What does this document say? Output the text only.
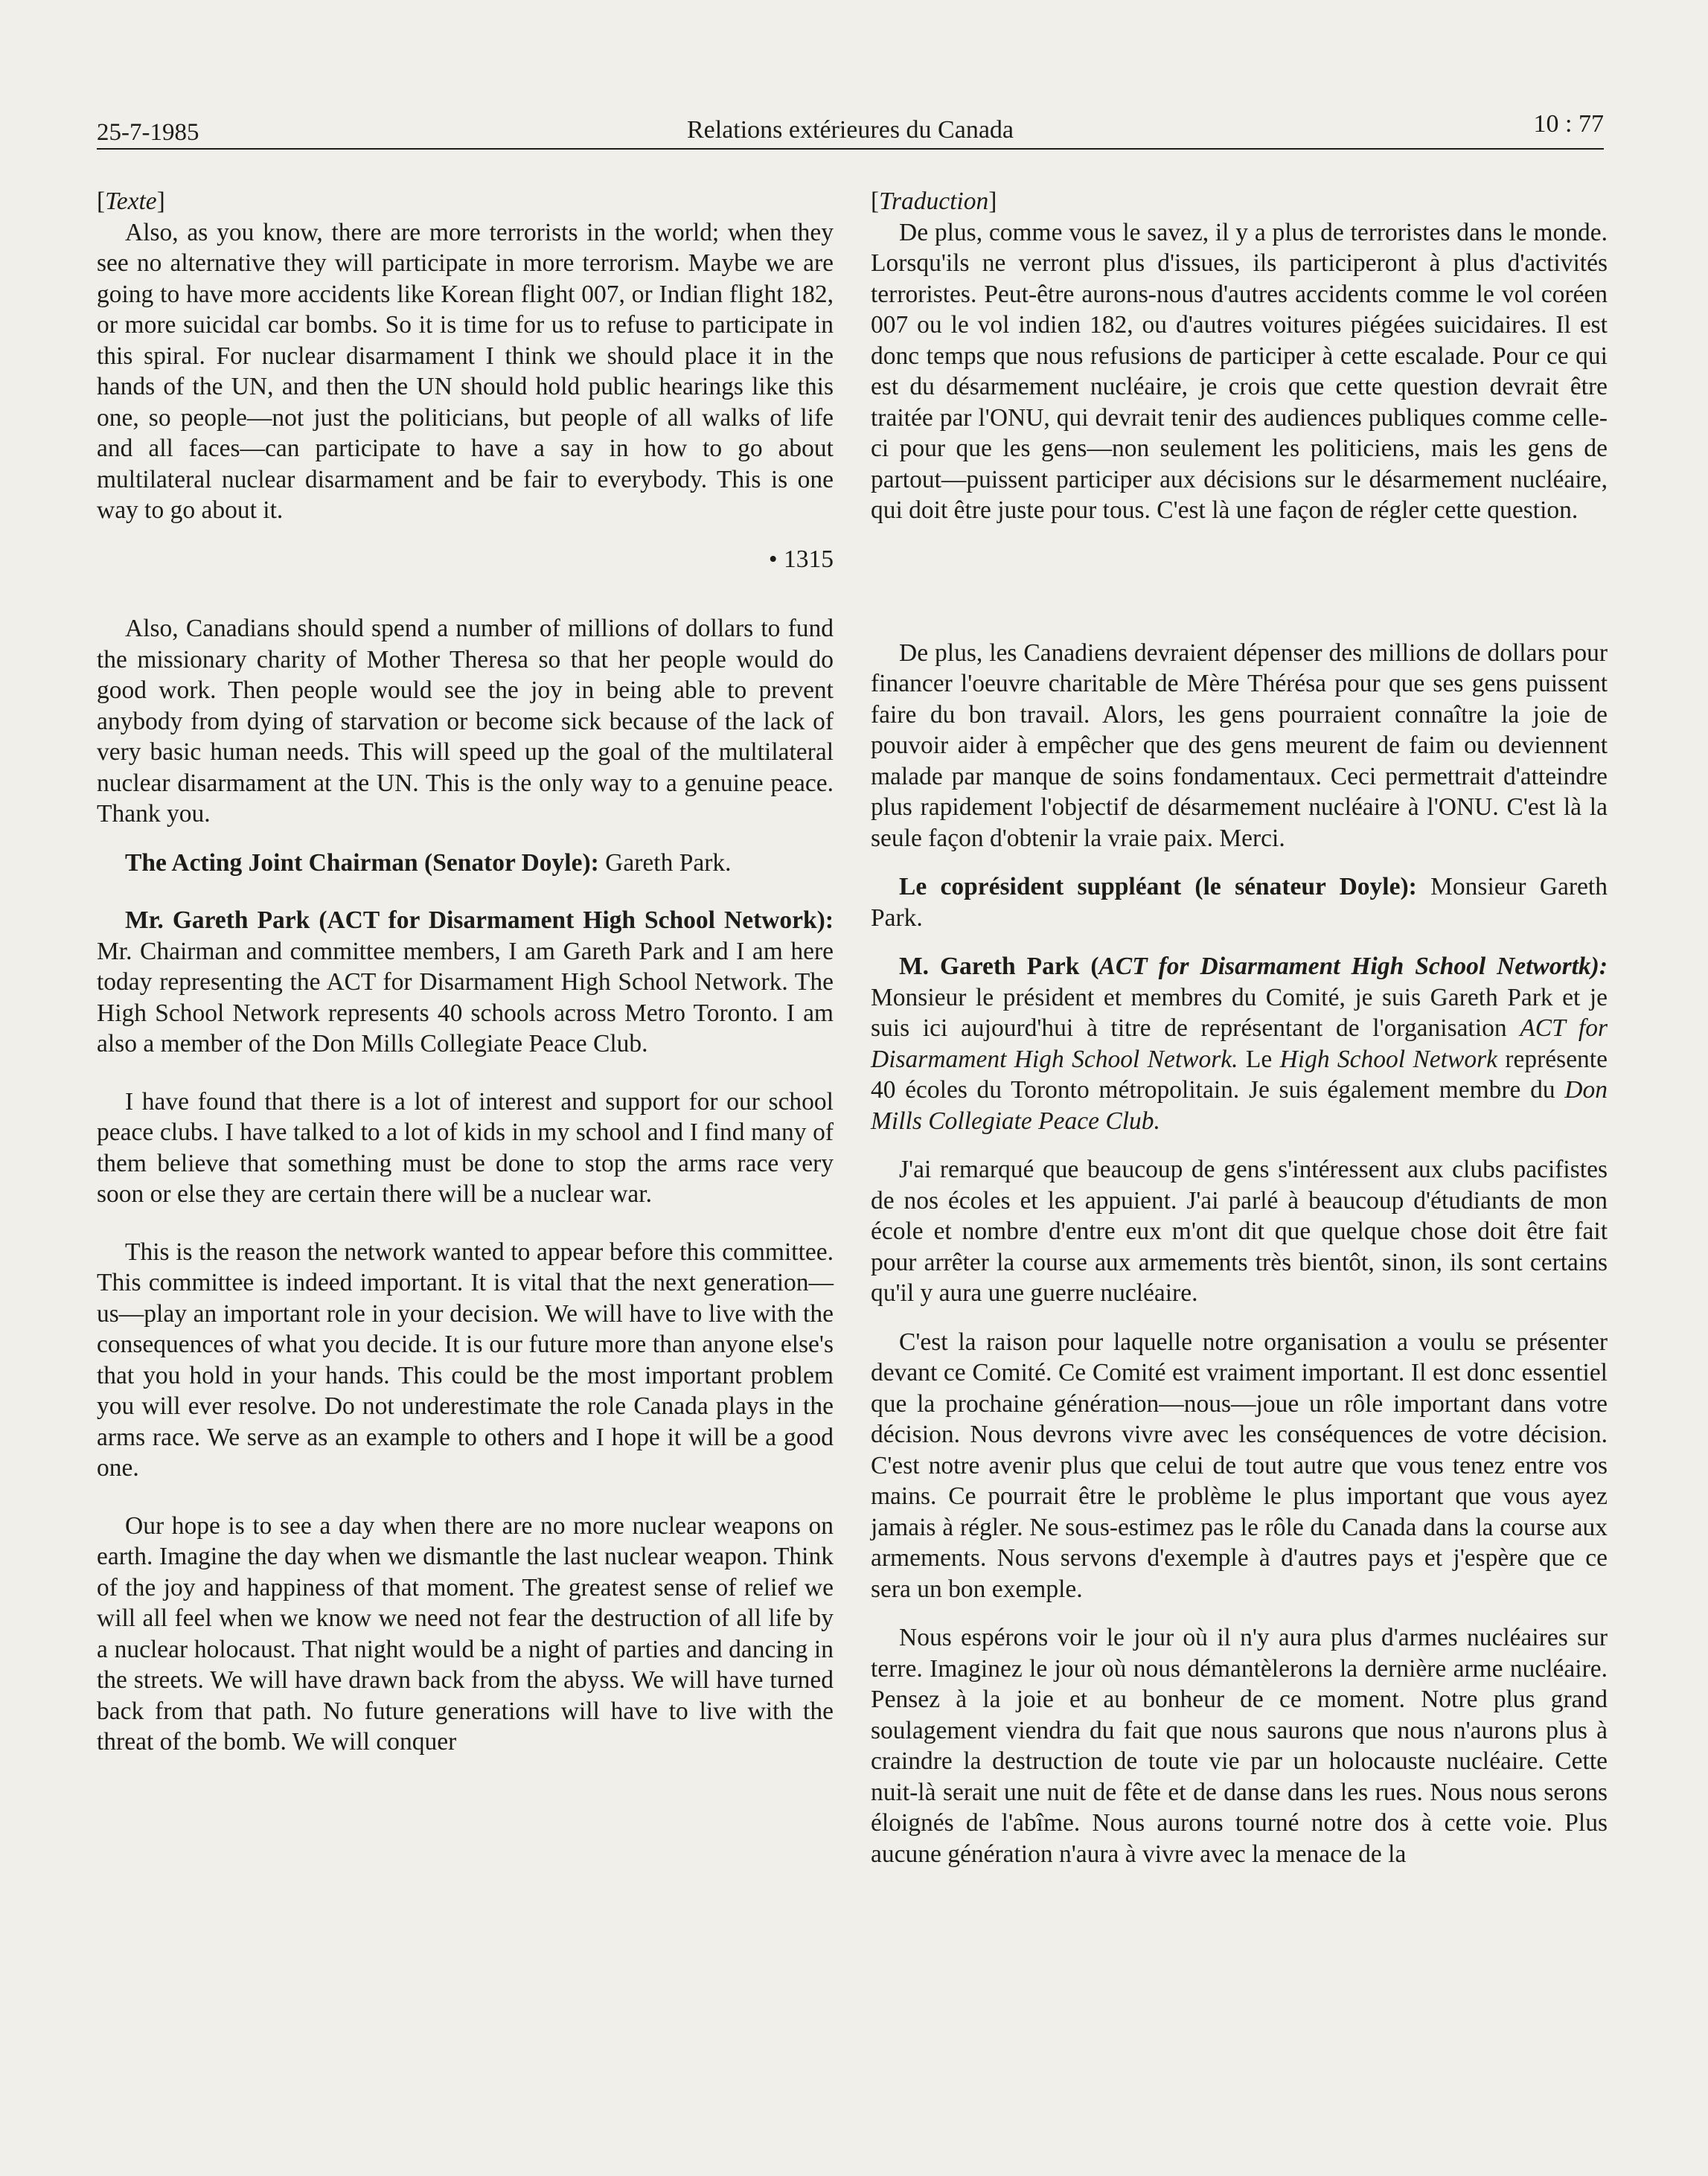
25-7-1985	Relations extérieures du Canada	10 : 77

[Texte]

Also, as you know, there are more terrorists in the world; when they see no alternative they will participate in more terrorism. Maybe we are going to have more accidents like Korean flight 007, or Indian flight 182, or more suicidal car bombs. So it is time for us to refuse to participate in this spiral. For nuclear disarmament I think we should place it in the hands of the UN, and then the UN should hold public hearings like this one, so people—not just the politicians, but people of all walks of life and all faces—can participate to have a say in how to go about multilateral nuclear disarmament and be fair to everybody. This is one way to go about it.

• 1315

Also, Canadians should spend a number of millions of dollars to fund the missionary charity of Mother Theresa so that her people would do good work. Then people would see the joy in being able to prevent anybody from dying of starvation or become sick because of the lack of very basic human needs. This will speed up the goal of the multilateral nuclear disarmament at the UN. This is the only way to a genuine peace. Thank you.

The Acting Joint Chairman (Senator Doyle): Gareth Park.

Mr. Gareth Park (ACT for Disarmament High School Network): Mr. Chairman and committee members, I am Gareth Park and I am here today representing the ACT for Disarmament High School Network. The High School Network represents 40 schools across Metro Toronto. I am also a member of the Don Mills Collegiate Peace Club.

I have found that there is a lot of interest and support for our school peace clubs. I have talked to a lot of kids in my school and I find many of them believe that something must be done to stop the arms race very soon or else they are certain there will be a nuclear war.

This is the reason the network wanted to appear before this committee. This committee is indeed important. It is vital that the next generation—us—play an important role in your decision. We will have to live with the consequences of what you decide. It is our future more than anyone else's that you hold in your hands. This could be the most important problem you will ever resolve. Do not underestimate the role Canada plays in the arms race. We serve as an example to others and I hope it will be a good one.

Our hope is to see a day when there are no more nuclear weapons on earth. Imagine the day when we dismantle the last nuclear weapon. Think of the joy and happiness of that moment. The greatest sense of relief we will all feel when we know we need not fear the destruction of all life by a nuclear holocaust. That night would be a night of parties and dancing in the streets. We will have drawn back from the abyss. We will have turned back from that path. No future generations will have to live with the threat of the bomb. We will conquer

[Traduction]

De plus, comme vous le savez, il y a plus de terroristes dans le monde. Lorsqu'ils ne verront plus d'issues, ils participeront à plus d'activités terroristes. Peut-être aurons-nous d'autres accidents comme le vol coréen 007 ou le vol indien 182, ou d'autres voitures piégées suicidaires. Il est donc temps que nous refusions de participer à cette escalade. Pour ce qui est du désarmement nucléaire, je crois que cette question devrait être traitée par l'ONU, qui devrait tenir des audiences publiques comme celle-ci pour que les gens—non seulement les politiciens, mais les gens de partout—puissent participer aux décisions sur le désarmement nucléaire, qui doit être juste pour tous. C'est là une façon de régler cette question.

De plus, les Canadiens devraient dépenser des millions de dollars pour financer l'oeuvre charitable de Mère Thérésa pour que ses gens puissent faire du bon travail. Alors, les gens pourraient connaître la joie de pouvoir aider à empêcher que des gens meurent de faim ou deviennent malade par manque de soins fondamentaux. Ceci permettrait d'atteindre plus rapidement l'objectif de désarmement nucléaire à l'ONU. C'est là la seule façon d'obtenir la vraie paix. Merci.

Le coprésident suppléant (le sénateur Doyle): Monsieur Gareth Park.

M. Gareth Park (ACT for Disarmament High School Networtk): Monsieur le président et membres du Comité, je suis Gareth Park et je suis ici aujourd'hui à titre de représentant de l'organisation ACT for Disarmament High School Network. Le High School Network représente 40 écoles du Toronto métropolitain. Je suis également membre du Don Mills Collegiate Peace Club.

J'ai remarqué que beaucoup de gens s'intéressent aux clubs pacifistes de nos écoles et les appuient. J'ai parlé à beaucoup d'étudiants de mon école et nombre d'entre eux m'ont dit que quelque chose doit être fait pour arrêter la course aux armements très bientôt, sinon, ils sont certains qu'il y aura une guerre nucléaire.

C'est la raison pour laquelle notre organisation a voulu se présenter devant ce Comité. Ce Comité est vraiment important. Il est donc essentiel que la prochaine génération—nous—joue un rôle important dans votre décision. Nous devrons vivre avec les conséquences de votre décision. C'est notre avenir plus que celui de tout autre que vous tenez entre vos mains. Ce pourrait être le problème le plus important que vous ayez jamais à régler. Ne sous-estimez pas le rôle du Canada dans la course aux armements. Nous servons d'exemple à d'autres pays et j'espère que ce sera un bon exemple.

Nous espérons voir le jour où il n'y aura plus d'armes nucléaires sur terre. Imaginez le jour où nous démantèlerons la dernière arme nucléaire. Pensez à la joie et au bonheur de ce moment. Notre plus grand soulagement viendra du fait que nous saurons que nous n'aurons plus à craindre la destruction de toute vie par un holocauste nucléaire. Cette nuit-là serait une nuit de fête et de danse dans les rues. Nous nous serons éloignés de l'abîme. Nous aurons tourné notre dos à cette voie. Plus aucune génération n'aura à vivre avec la menace de la
